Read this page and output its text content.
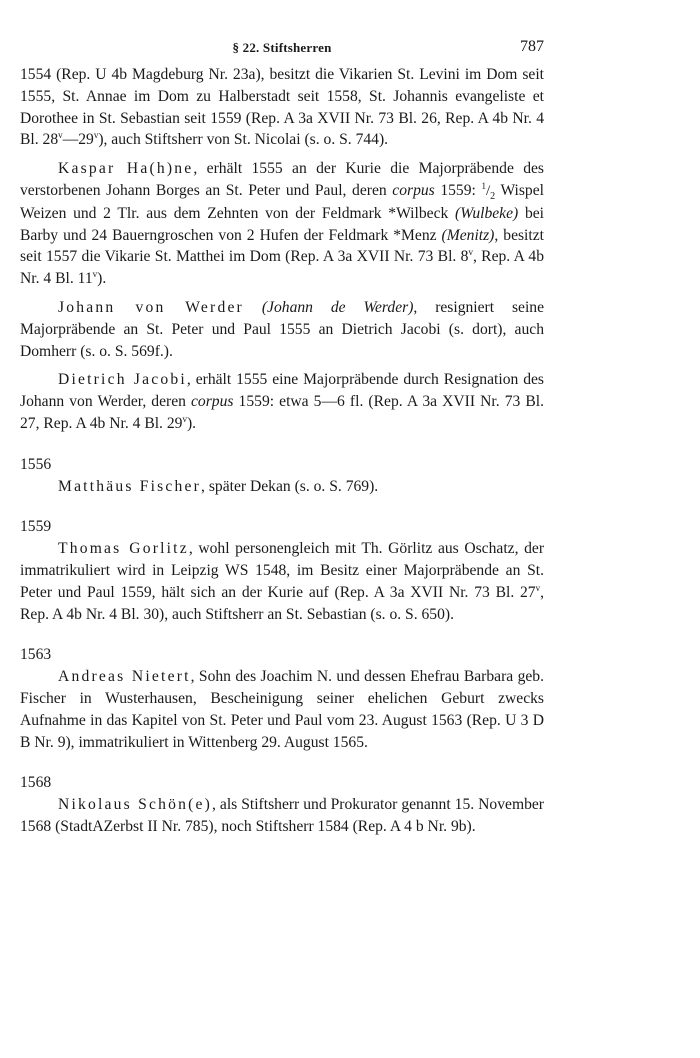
§ 22. Stiftsherren	787

1554 (Rep. U 4b Magdeburg Nr. 23a), besitzt die Vikarien St. Levini im Dom seit 1555, St. Annae im Dom zu Halberstadt seit 1558, St. Johannis evangeliste et Dorothee in St. Sebastian seit 1559 (Rep. A 3a XVII Nr. 73 Bl. 26, Rep. A 4b Nr. 4 Bl. 28$^v$—29$^v$), auch Stiftsherr von St. Nicolai (s. o. S. 744).

Kaspar Ha(h)ne, erhält 1555 an der Kurie die Majorpräbende des verstorbenen Johann Borges an St. Peter und Paul, deren corpus 1559: $^1/_2$ Wispel Weizen und 2 Tlr. aus dem Zehnten von der Feldmark *Wilbeck (Wulbeke) bei Barby und 24 Bauerngroschen von 2 Hufen der Feldmark *Menz (Menitz), besitzt seit 1557 die Vikarie St. Matthei im Dom (Rep. A 3a XVII Nr. 73 Bl. 8$^v$, Rep. A 4b Nr. 4 Bl. 11$^v$).

Johann von Werder (Johann de Werder), resigniert seine Majorpräbende an St. Peter und Paul 1555 an Dietrich Jacobi (s. dort), auch Domherr (s. o. S. 569f.).

Dietrich Jacobi, erhält 1555 eine Majorpräbende durch Resignation des Johann von Werder, deren corpus 1559: etwa 5—6 fl. (Rep. A 3a XVII Nr. 73 Bl. 27, Rep. A 4b Nr. 4 Bl. 29$^v$).

1556

Matthäus Fischer, später Dekan (s. o. S. 769).

1559

Thomas Gorlitz, wohl personengleich mit Th. Görlitz aus Oschatz, der immatrikuliert wird in Leipzig WS 1548, im Besitz einer Majorpräbende an St. Peter und Paul 1559, hält sich an der Kurie auf (Rep. A 3a XVII Nr. 73 Bl. 27$^v$, Rep. A 4b Nr. 4 Bl. 30), auch Stiftsherr an St. Sebastian (s. o. S. 650).

1563

Andreas Nietert, Sohn des Joachim N. und dessen Ehefrau Barbara geb. Fischer in Wusterhausen, Bescheinigung seiner ehelichen Geburt zwecks Aufnahme in das Kapitel von St. Peter und Paul vom 23. August 1563 (Rep. U 3 D B Nr. 9), immatrikuliert in Wittenberg 29. August 1565.

1568

Nikolaus Schön(e), als Stiftsherr und Prokurator genannt 15. November 1568 (StadtAZerbst II Nr. 785), noch Stiftsherr 1584 (Rep. A 4 b Nr. 9b).
